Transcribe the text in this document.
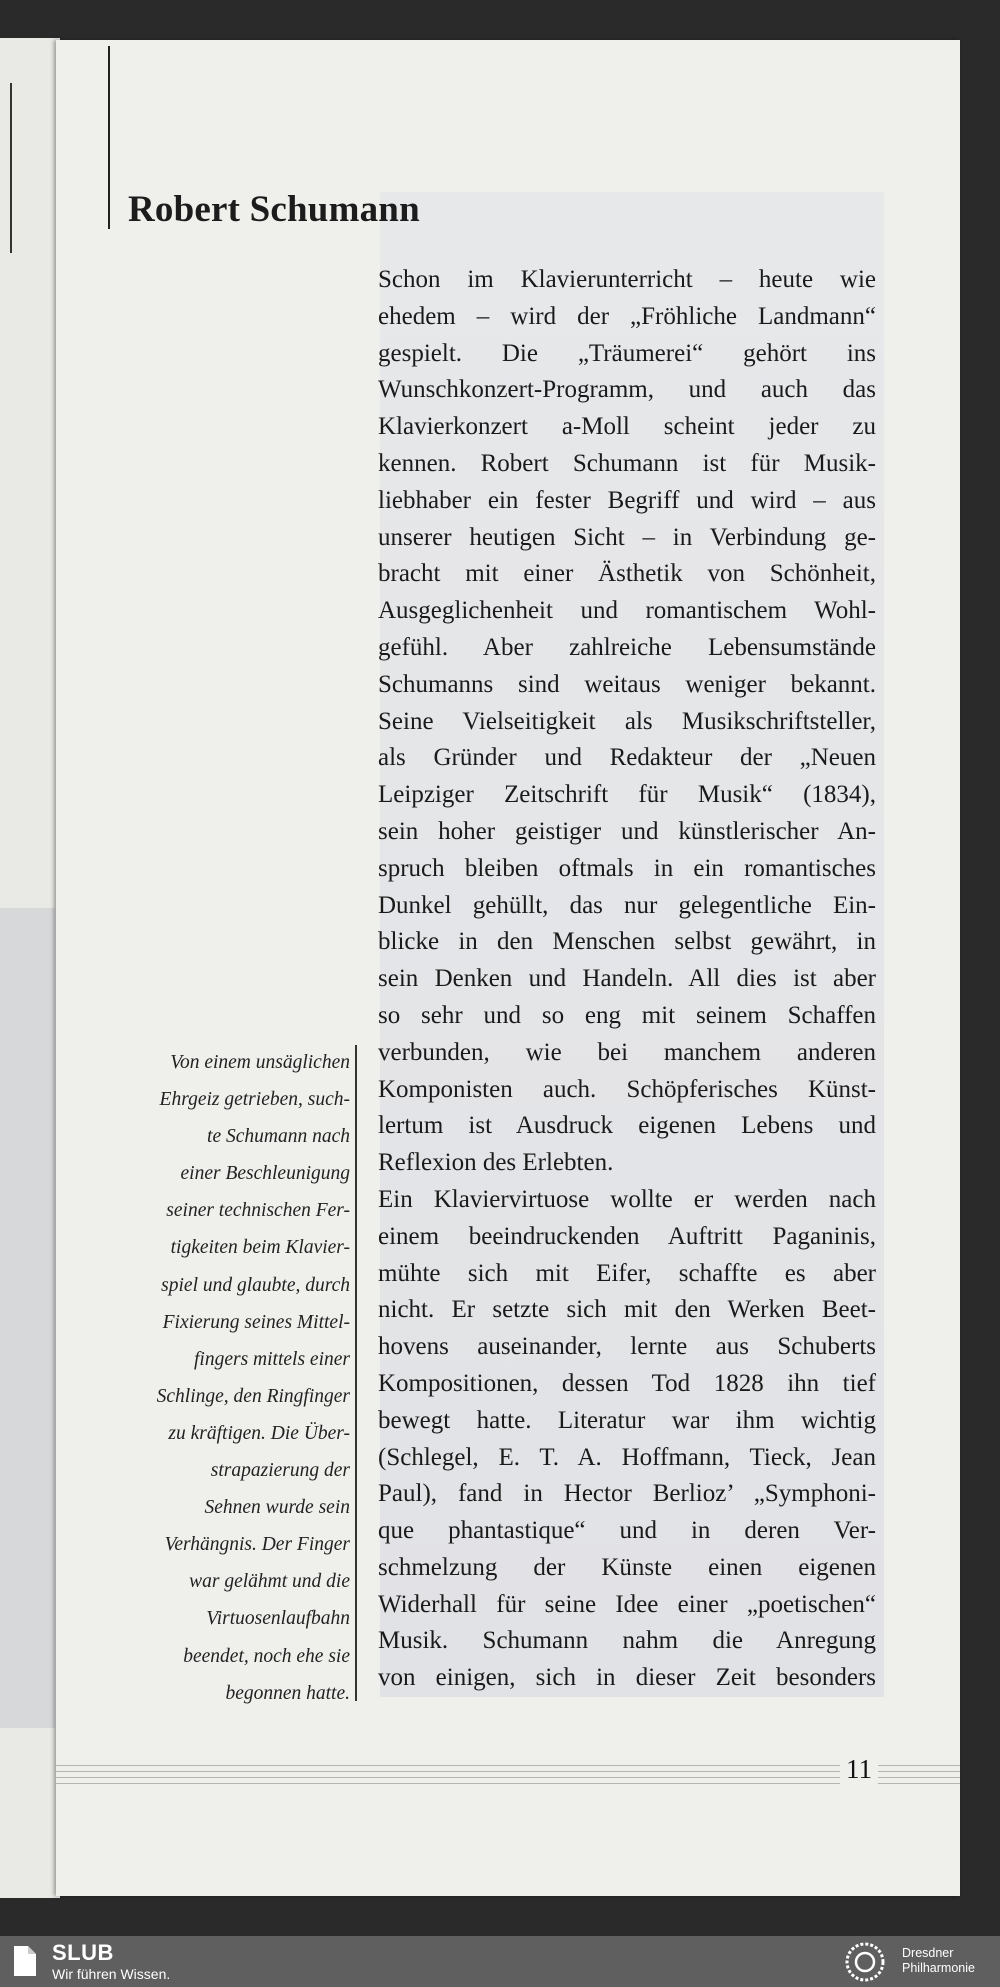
Robert Schumann
Von einem unsäglichen
Ehrgeiz getrieben, such-
te Schumann nach
einer Beschleunigung
seiner technischen Fer-
tigkeiten beim Klavier-
spiel und glaubte, durch
Fixierung seines Mittel-
fingers mittels einer
Schlinge, den Ringfinger
zu kräftigen. Die Über-
strapazierung der
Sehnen wurde sein
Verhängnis. Der Finger
war gelähmt und die
Virtuosenlaufbahn
beendet, noch ehe sie
begonnen hatte.
Schon im Klavierunterricht – heute wie
ehedem – wird der „Fröhliche Landmann“
gespielt. Die „Träumerei“ gehört ins
Wunschkonzert-Programm, und auch das
Klavierkonzert a-Moll scheint jeder zu
kennen. Robert Schumann ist für Musik-
liebhaber ein fester Begriff und wird – aus
unserer heutigen Sicht – in Verbindung ge-
bracht mit einer Ästhetik von Schönheit,
Ausgeglichenheit und romantischem Wohl-
gefühl. Aber zahlreiche Lebensumstände
Schumanns sind weitaus weniger bekannt.
Seine Vielseitigkeit als Musikschriftsteller,
als Gründer und Redakteur der „Neuen
Leipziger Zeitschrift für Musik“ (1834),
sein hoher geistiger und künstlerischer An-
spruch bleiben oftmals in ein romantisches
Dunkel gehüllt, das nur gelegentliche Ein-
blicke in den Menschen selbst gewährt, in
sein Denken und Handeln. All dies ist aber
so sehr und so eng mit seinem Schaffen
verbunden, wie bei manchem anderen
Komponisten auch. Schöpferisches Künst-
lertum ist Ausdruck eigenen Lebens und
Reflexion des Erlebten.
Ein Klaviervirtuose wollte er werden nach
einem beeindruckenden Auftritt Paganinis,
mühte sich mit Eifer, schaffte es aber
nicht. Er setzte sich mit den Werken Beet-
hovens auseinander, lernte aus Schuberts
Kompositionen, dessen Tod 1828 ihn tief
bewegt hatte. Literatur war ihm wichtig
(Schlegel, E. T. A. Hoffmann, Tieck, Jean
Paul), fand in Hector Berlioz’ „Symphoni-
que phantastique“ und in deren Ver-
schmelzung der Künste einen eigenen
Widerhall für seine Idee einer „poetischen“
Musik. Schumann nahm die Anregung
von einigen, sich in dieser Zeit besonders
11
SLUB
Wir führen Wissen.
Dresdner
Philharmonie
